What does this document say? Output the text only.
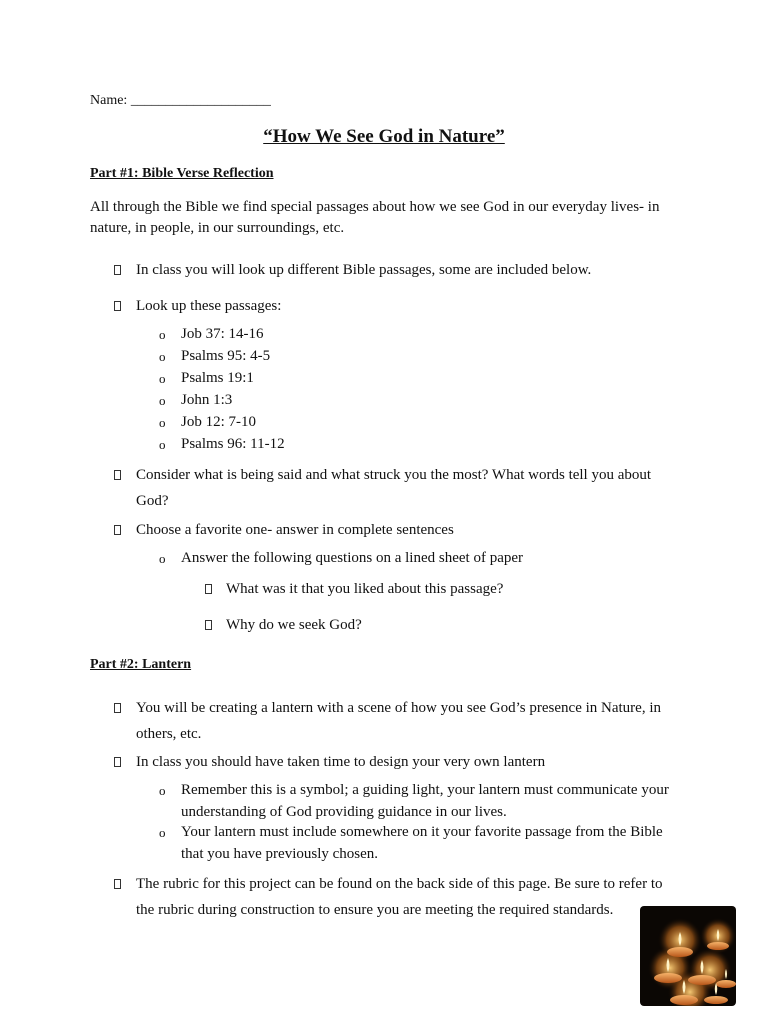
Name: ____________________
“How We See God in Nature”
Part #1: Bible Verse Reflection
All through the Bible we find special passages about how we see God in our everyday lives- in
nature, in people, in our surroundings, etc.
In class you will look up different Bible passages, some are included below.
Look up these passages:
o Job 37: 14-16
o Psalms 95: 4-5
o Psalms 19:1
o John 1:3
o Job 12: 7-10
o Psalms 96: 11-12
Consider what is being said and what struck you the most? What words tell you about
God?
Choose a favorite one- answer in complete sentences
o Answer the following questions on a lined sheet of paper
What was it that you liked about this passage?
Why do we seek God?
Part #2: Lantern
You will be creating a lantern with a scene of how you see God’s presence in Nature, in
others, etc.
In class you should have taken time to design your very own lantern
o Remember this is a symbol; a guiding light, your lantern must communicate your
understanding of God providing guidance in our lives.
o Your lantern must include somewhere on it your favorite passage from the Bible
that you have previously chosen.
The rubric for this project can be found on the back side of this page. Be sure to refer to
the rubric during construction to ensure you are meeting the required standards.
